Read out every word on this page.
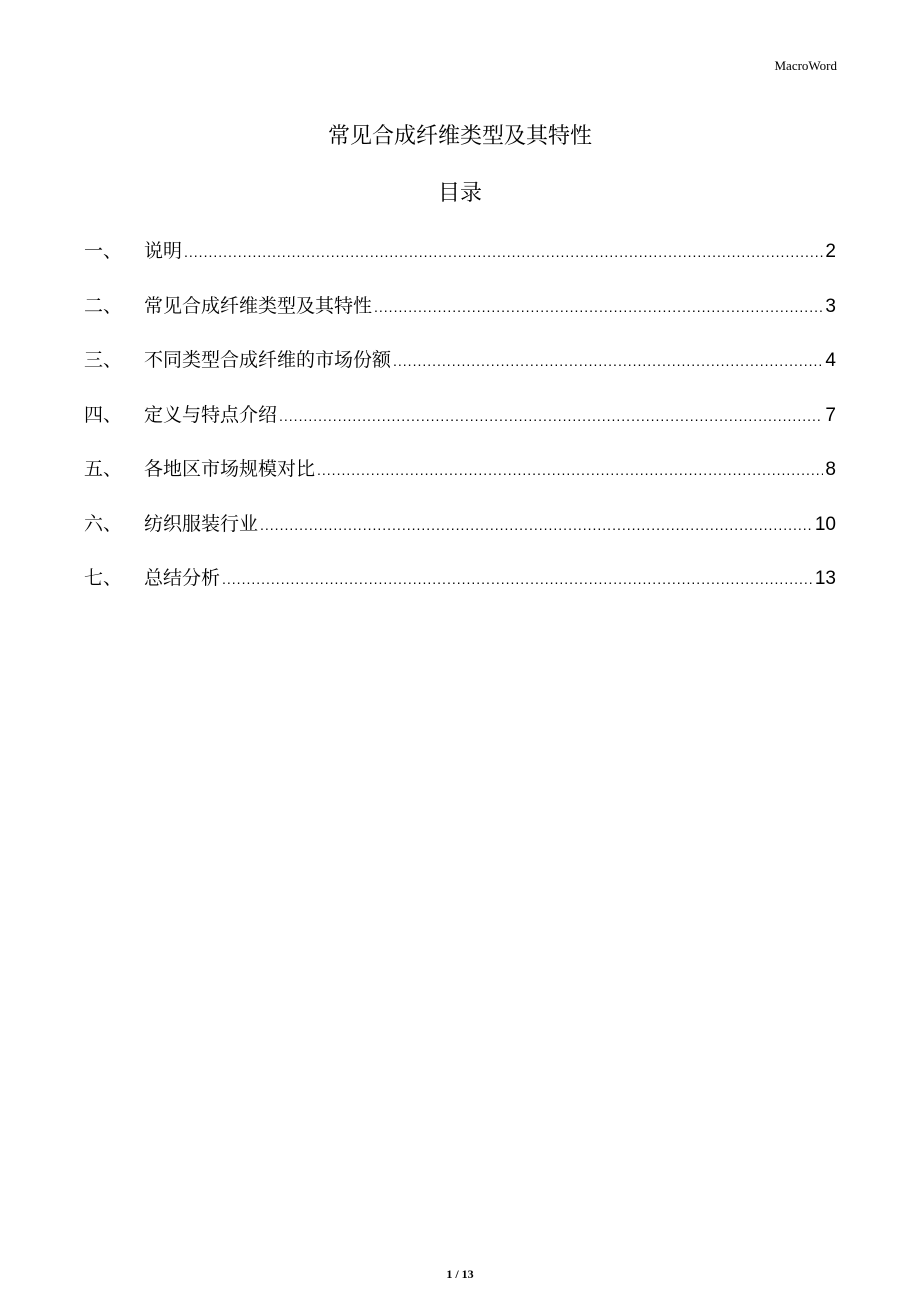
MacroWord
常见合成纤维类型及其特性
目录
一、	说明 .....	2
二、	常见合成纤维类型及其特性 .....	3
三、	不同类型合成纤维的市场份额 .....	4
四、	定义与特点介绍 .....	7
五、	各地区市场规模对比 .....	8
六、	纺织服装行业 .....	10
七、	总结分析 .....	13
1 / 13
